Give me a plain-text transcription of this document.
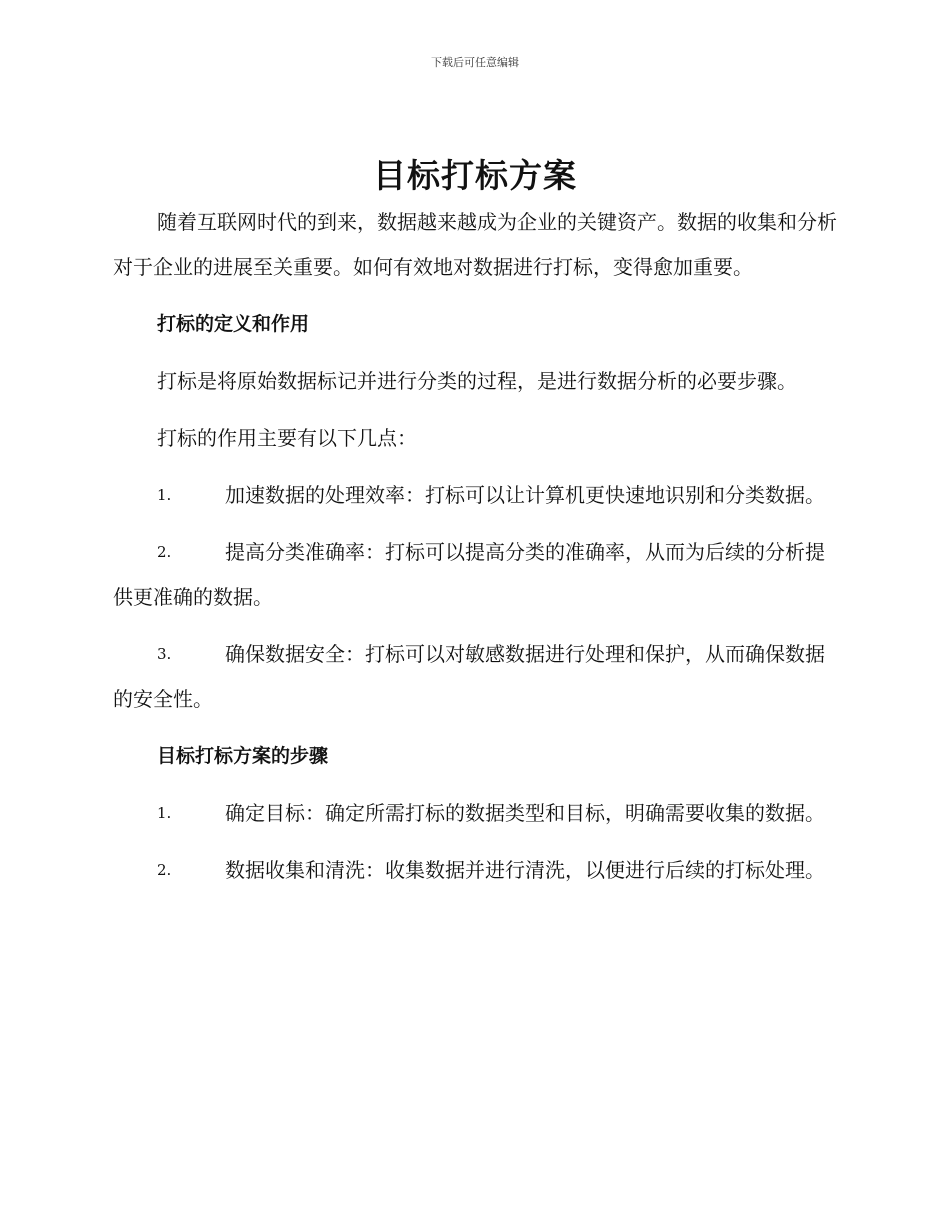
下载后可任意编辑
目标打标方案

随着互联网时代的到来，数据越来越成为企业的关键资产。数据的收集和分析对于企业的进展至关重要。如何有效地对数据进行打标，变得愈加重要。

打标的定义和作用

打标是将原始数据标记并进行分类的过程，是进行数据分析的必要步骤。

打标的作用主要有以下几点：

1.	加速数据的处理效率：打标可以让计算机更快速地识别和分类数据。

2.	提高分类准确率：打标可以提高分类的准确率，从而为后续的分析提供更准确的数据。

3.	确保数据安全：打标可以对敏感数据进行处理和保护，从而确保数据的安全性。

目标打标方案的步骤

1.	确定目标：确定所需打标的数据类型和目标，明确需要收集的数据。

2.	数据收集和清洗：收集数据并进行清洗，以便进行后续的打标处理。
